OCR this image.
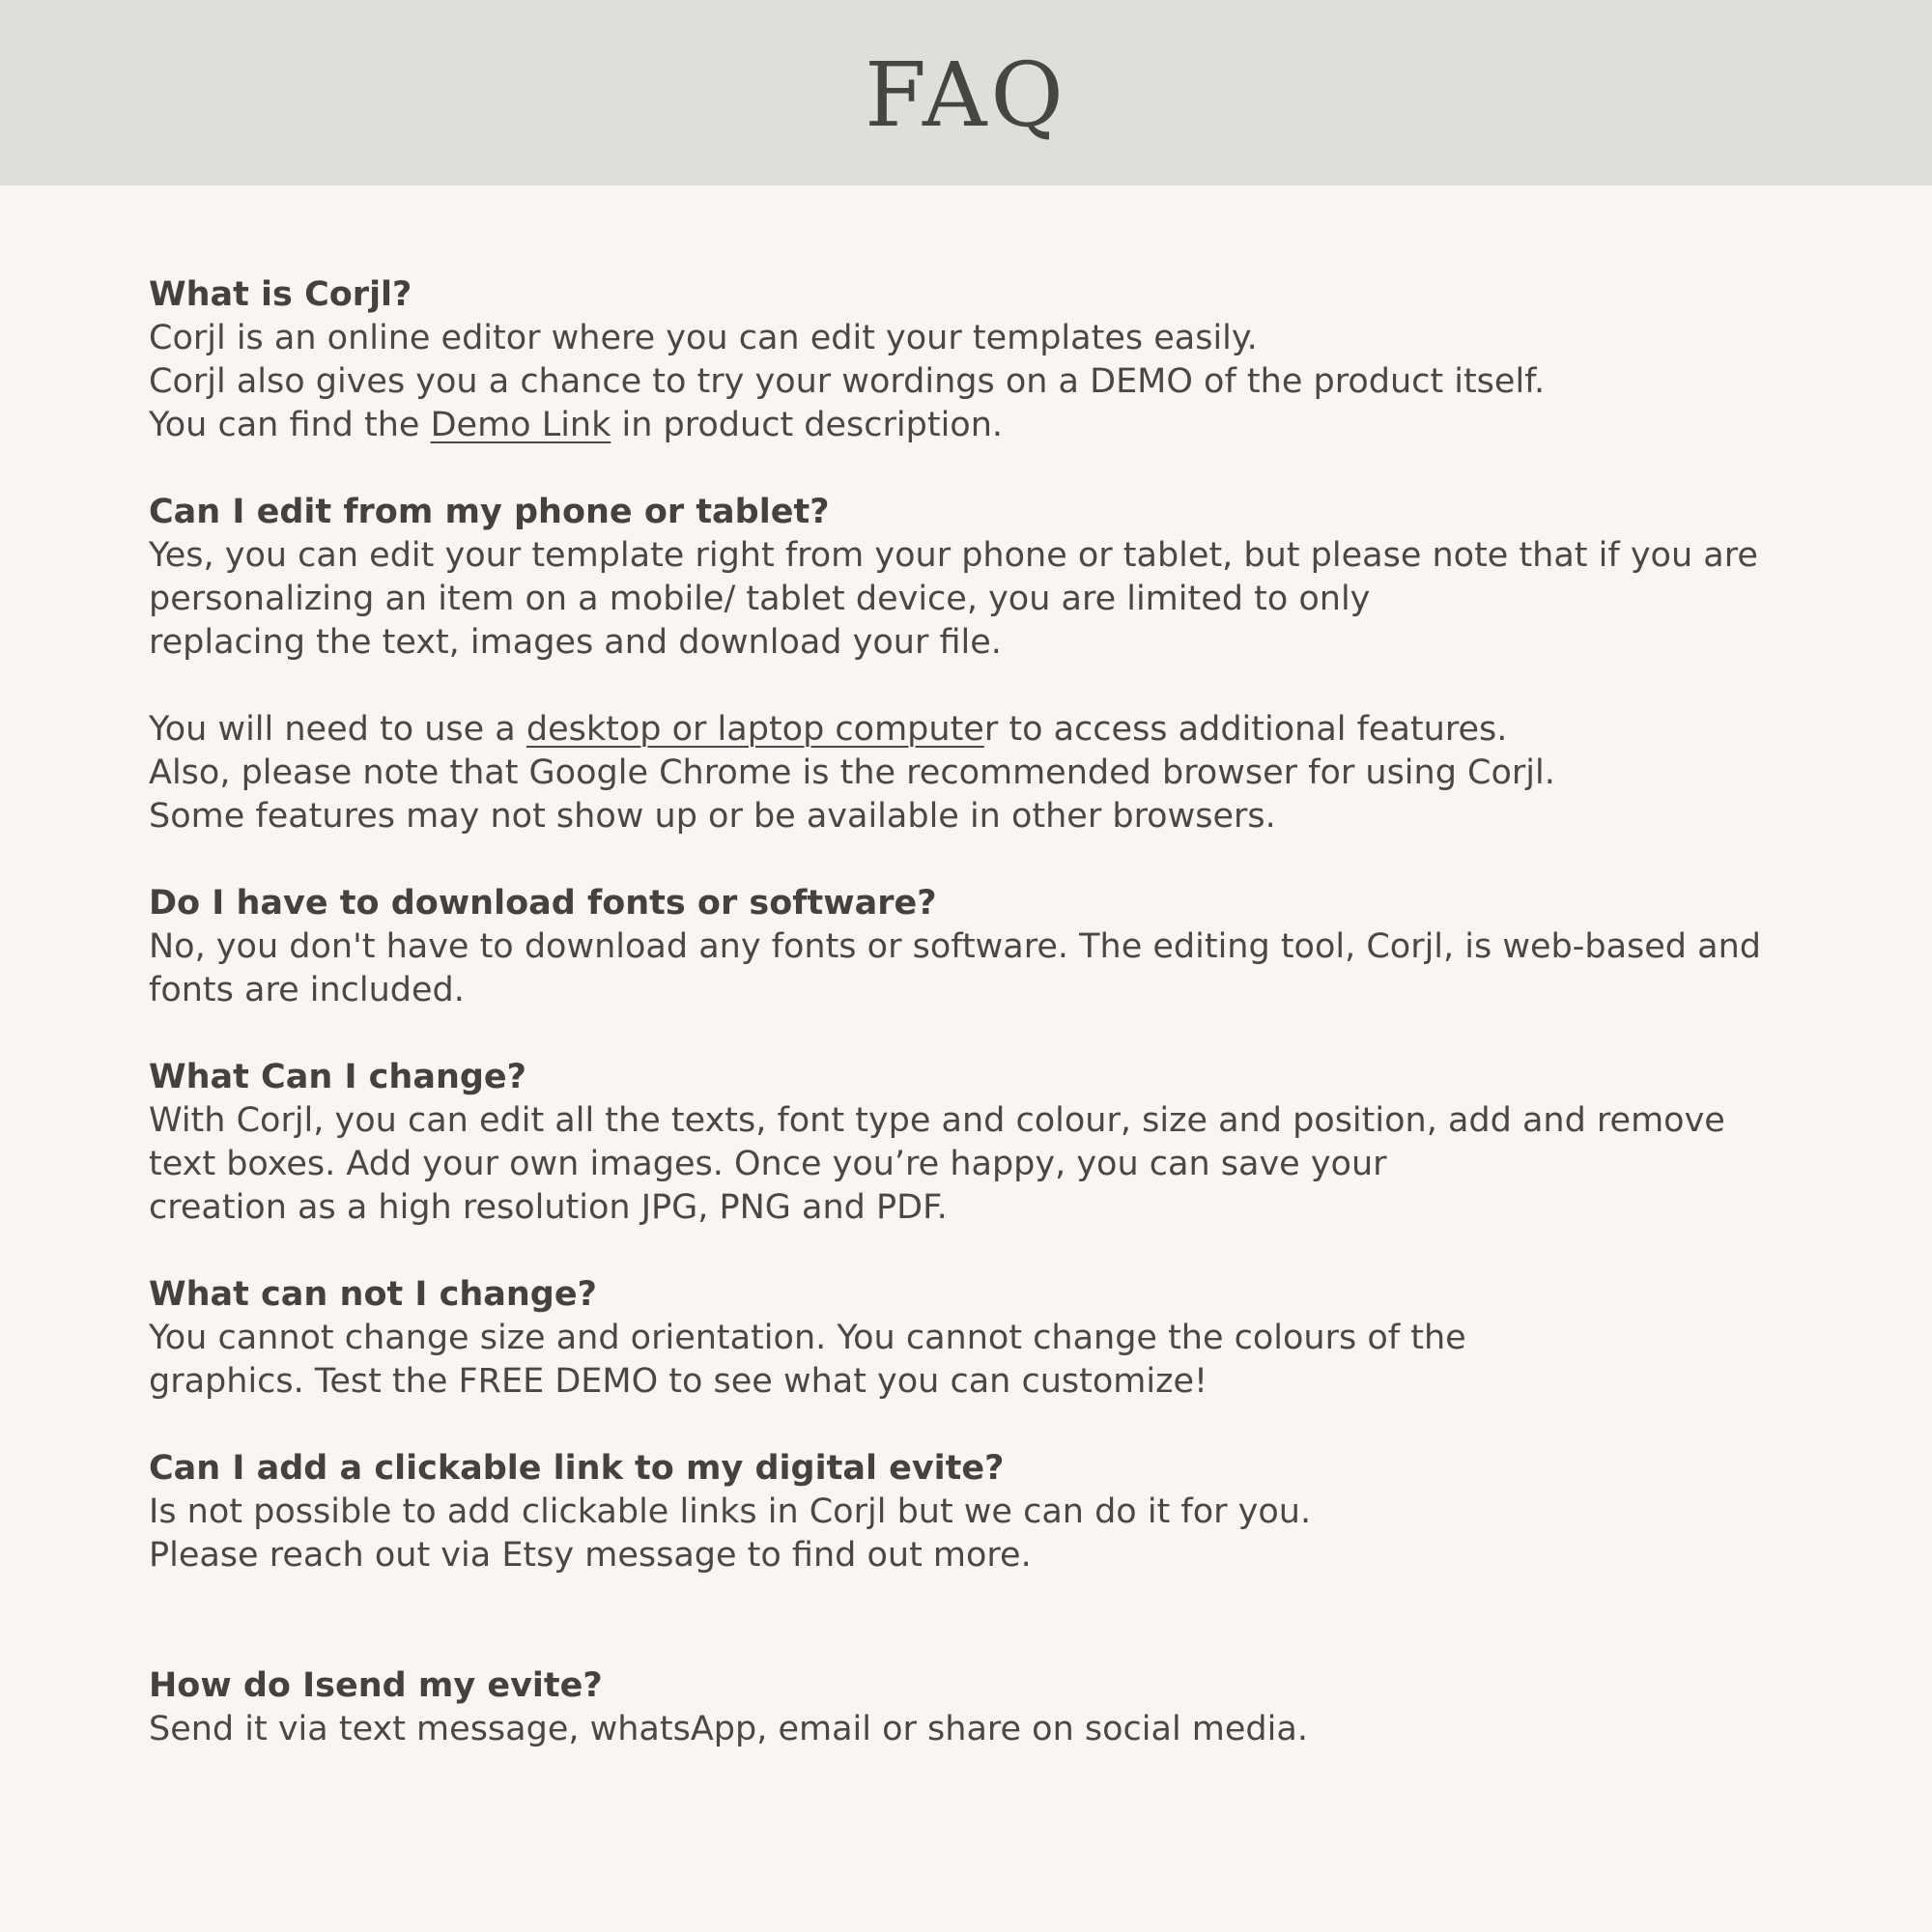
FAQ

What is Corjl?

Corjl is an online editor where you can edit your templates easily.

Corjl also gives you a chance to try your wordings on a DEMO of the product itself.

You can find the Demo Link in product description.

Can I edit from my phone or tablet?

Yes, you can edit your template right from your phone or tablet, but please note that if you are

personalizing an item on a mobile/ tablet device, you are limited to only

replacing the text, images and download your file.

You will need to use a desktop or laptop computer to access additional features.

Also, please note that Google Chrome is the recommended browser for using Corjl.

Some features may not show up or be available in other browsers.

Do I have to download fonts or software?

No, you don't have to download any fonts or software. The editing tool, Corjl, is web-based and

fonts are included.

What Can I change?

With Corjl, you can edit all the texts, font type and colour, size and position, add and remove

text boxes. Add your own images. Once you’re happy, you can save your

creation as a high resolution JPG, PNG and PDF.

What can not I change?

You cannot change size and orientation. You cannot change the colours of the

graphics. Test the FREE DEMO to see what you can customize!

Can I add a clickable link to my digital evite?

Is not possible to add clickable links in Corjl but we can do it for you.

Please reach out via Etsy message to find out more.

How do Isend my evite?

Send it via text message, whatsApp, email or share on social media.
